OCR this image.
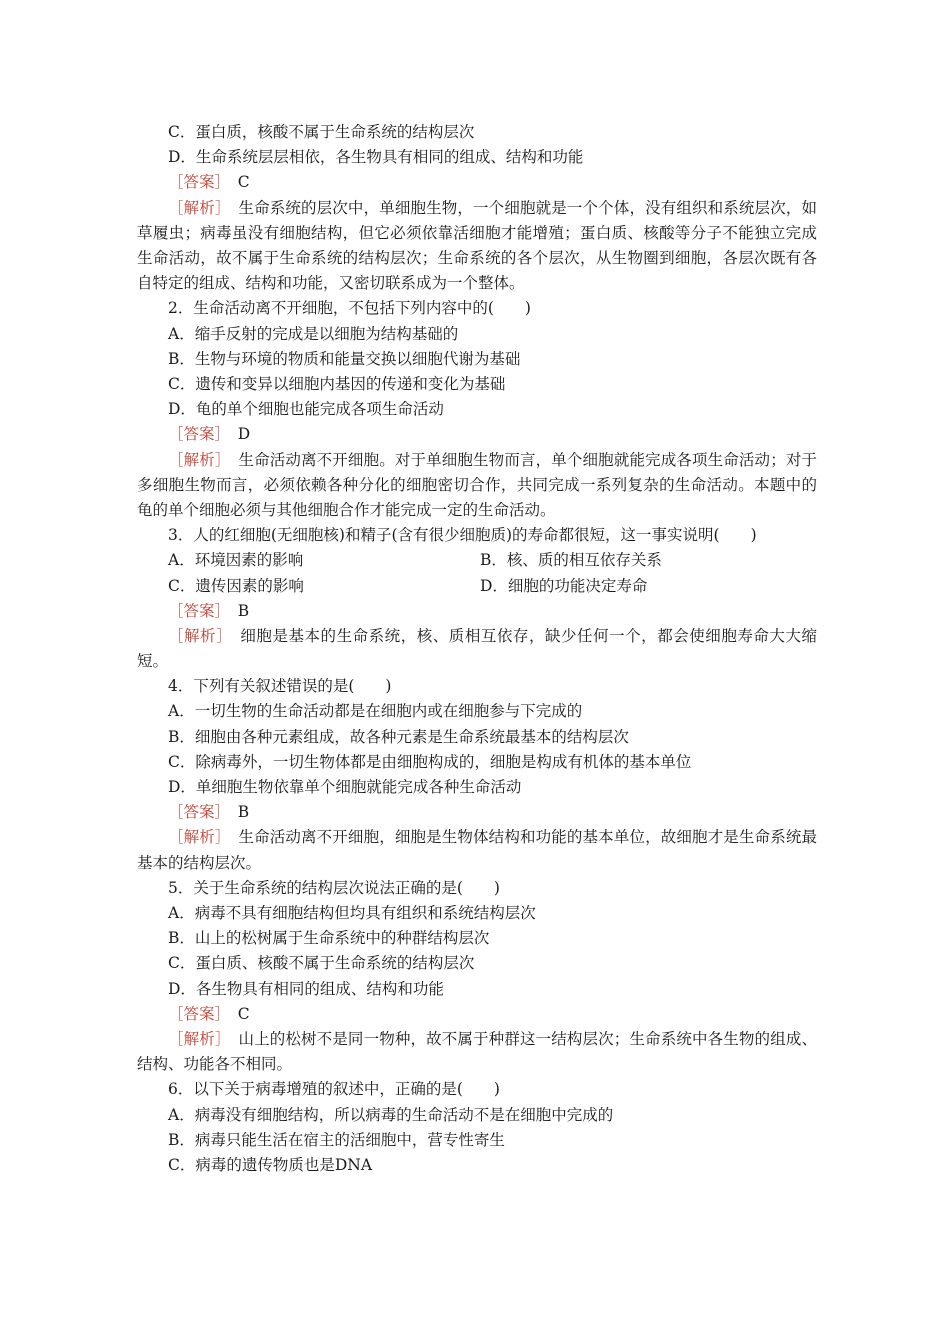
C．蛋白质，核酸不属于生命系统的结构层次
D．生命系统层层相依，各生物具有相同的组成、结构和功能
［答案］　C
［解析］　生命系统的层次中，单细胞生物，一个细胞就是一个个体，没有组织和系统层次，如草履虫；病毒虽没有细胞结构，但它必须依靠活细胞才能增殖；蛋白质、核酸等分子不能独立完成生命活动，故不属于生命系统的结构层次；生命系统的各个层次，从生物圈到细胞，各层次既有各自特定的组成、结构和功能，又密切联系成为一个整体。
2．生命活动离不开细胞，不包括下列内容中的(　　)
A．缩手反射的完成是以细胞为结构基础的
B．生物与环境的物质和能量交换以细胞代谢为基础
C．遗传和变异以细胞内基因的传递和变化为基础
D．龟的单个细胞也能完成各项生命活动
［答案］　D
［解析］　生命活动离不开细胞。对于单细胞生物而言，单个细胞就能完成各项生命活动；对于多细胞生物而言，必须依赖各种分化的细胞密切合作，共同完成一系列复杂的生命活动。本题中的龟的单个细胞必须与其他细胞合作才能完成一定的生命活动。
3．人的红细胞(无细胞核)和精子(含有很少细胞质)的寿命都很短，这一事实说明(　　)
A．环境因素的影响	B．核、质的相互依存关系
C．遗传因素的影响	D．细胞的功能决定寿命
［答案］　B
［解析］　细胞是基本的生命系统，核、质相互依存，缺少任何一个，都会使细胞寿命大大缩短。
4．下列有关叙述错误的是(　　)
A．一切生物的生命活动都是在细胞内或在细胞参与下完成的
B．细胞由各种元素组成，故各种元素是生命系统最基本的结构层次
C．除病毒外，一切生物体都是由细胞构成的，细胞是构成有机体的基本单位
D．单细胞生物依靠单个细胞就能完成各种生命活动
［答案］　B
［解析］　生命活动离不开细胞，细胞是生物体结构和功能的基本单位，故细胞才是生命系统最基本的结构层次。
5．关于生命系统的结构层次说法正确的是(　　)
A．病毒不具有细胞结构但均具有组织和系统结构层次
B．山上的松树属于生命系统中的种群结构层次
C．蛋白质、核酸不属于生命系统的结构层次
D．各生物具有相同的组成、结构和功能
［答案］　C
［解析］　山上的松树不是同一物种，故不属于种群这一结构层次；生命系统中各生物的组成、结构、功能各不相同。
6．以下关于病毒增殖的叙述中，正确的是(　　)
A．病毒没有细胞结构，所以病毒的生命活动不是在细胞中完成的
B．病毒只能生活在宿主的活细胞中，营专性寄生
C．病毒的遗传物质也是DNA
